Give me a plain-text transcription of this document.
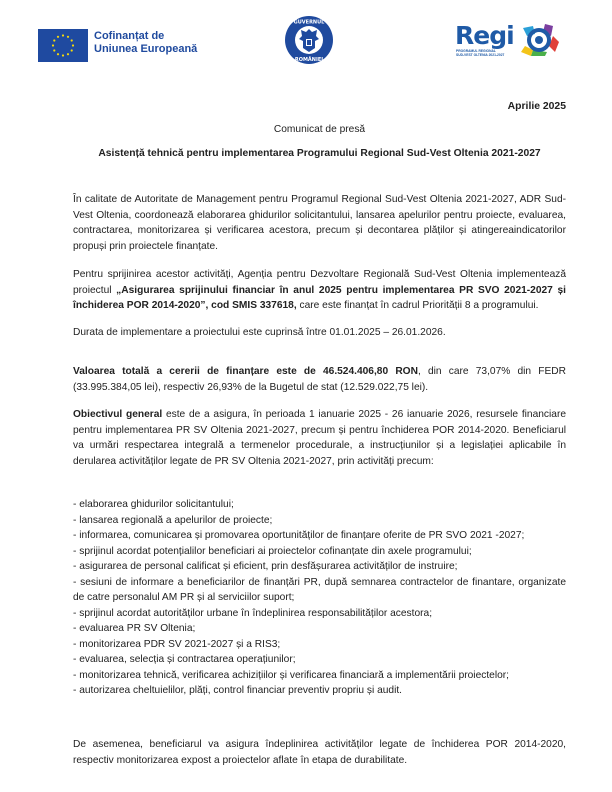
Cofinanțat de
Uniunea Europeană
GUVERNUL
ROMÂNIEI
Regi
PROGRAMUL REGIONAL
SUD-VEST OLTENIA 2021-2027
Aprilie 2025
Comunicat de presă
Asistență tehnică pentru implementarea Programului Regional Sud-Vest Oltenia 2021-2027

În calitate de Autoritate de Management pentru Programul Regional Sud-Vest Oltenia 2021-2027, ADR Sud-Vest Oltenia, coordonează elaborarea ghidurilor solicitantului, lansarea apelurilor pentru proiecte, evaluarea, contractarea, monitorizarea și verificarea acestora, precum și decontarea plăților și atingereaindicatorilor propuși prin proiectele finanțate.

Pentru sprijinirea acestor activități, Agenția pentru Dezvoltare Regională Sud-Vest Oltenia implementează proiectul „Asigurarea sprijinului financiar în anul 2025 pentru implementarea PR SVO 2021-2027 și închiderea POR 2014-2020”, cod SMIS 337618, care este finanțat în cadrul Priorității 8 a programului.

Durata de implementare a proiectului este cuprinsă între 01.01.2025 – 26.01.2026.

Valoarea totală a cererii de finanțare este de 46.524.406,80 RON, din care 73,07% din FEDR (33.995.384,05 lei), respectiv 26,93% de la Bugetul de stat (12.529.022,75 lei).

Obiectivul general este de a asigura, în perioada 1 ianuarie 2025 - 26 ianuarie 2026, resursele financiare pentru implementarea PR SV Oltenia 2021-2027, precum și pentru închiderea POR 2014-2020. Beneficiarul va urmări respectarea integrală a termenelor procedurale, a instrucțiunilor și a legislației aplicabile în derularea activităților legate de PR SV Oltenia 2021-2027, prin activități precum:

- elaborarea ghidurilor solicitantului;
- lansarea regională a apelurilor de proiecte;
- informarea, comunicarea și promovarea oportunităților de finanțare oferite de PR SVO 2021 -2027;
- sprijinul acordat potențialilor beneficiari ai proiectelor cofinanțate din axele programului;
- asigurarea de personal calificat și eficient, prin desfășurarea activităților de instruire;
- sesiuni de informare a beneficiarilor de finanțări PR, după semnarea contractelor de finantare, organizate de catre personalul AM PR și al serviciilor suport;
- sprijinul acordat autorităților urbane în îndeplinirea responsabilităților acestora;
- evaluarea PR SV Oltenia;
- monitorizarea PDR SV 2021-2027 și a RIS3;
- evaluarea, selecția și contractarea operațiunilor;
- monitorizarea tehnică, verificarea achizițiilor și verificarea financiară a implementării proiectelor;
- autorizarea cheltuielilor, plăți, control financiar preventiv propriu și audit.

De asemenea, beneficiarul va asigura îndeplinirea activităților legate de închiderea POR 2014-2020, respectiv monitorizarea expost a proiectelor aflate în etapa de durabilitate.
